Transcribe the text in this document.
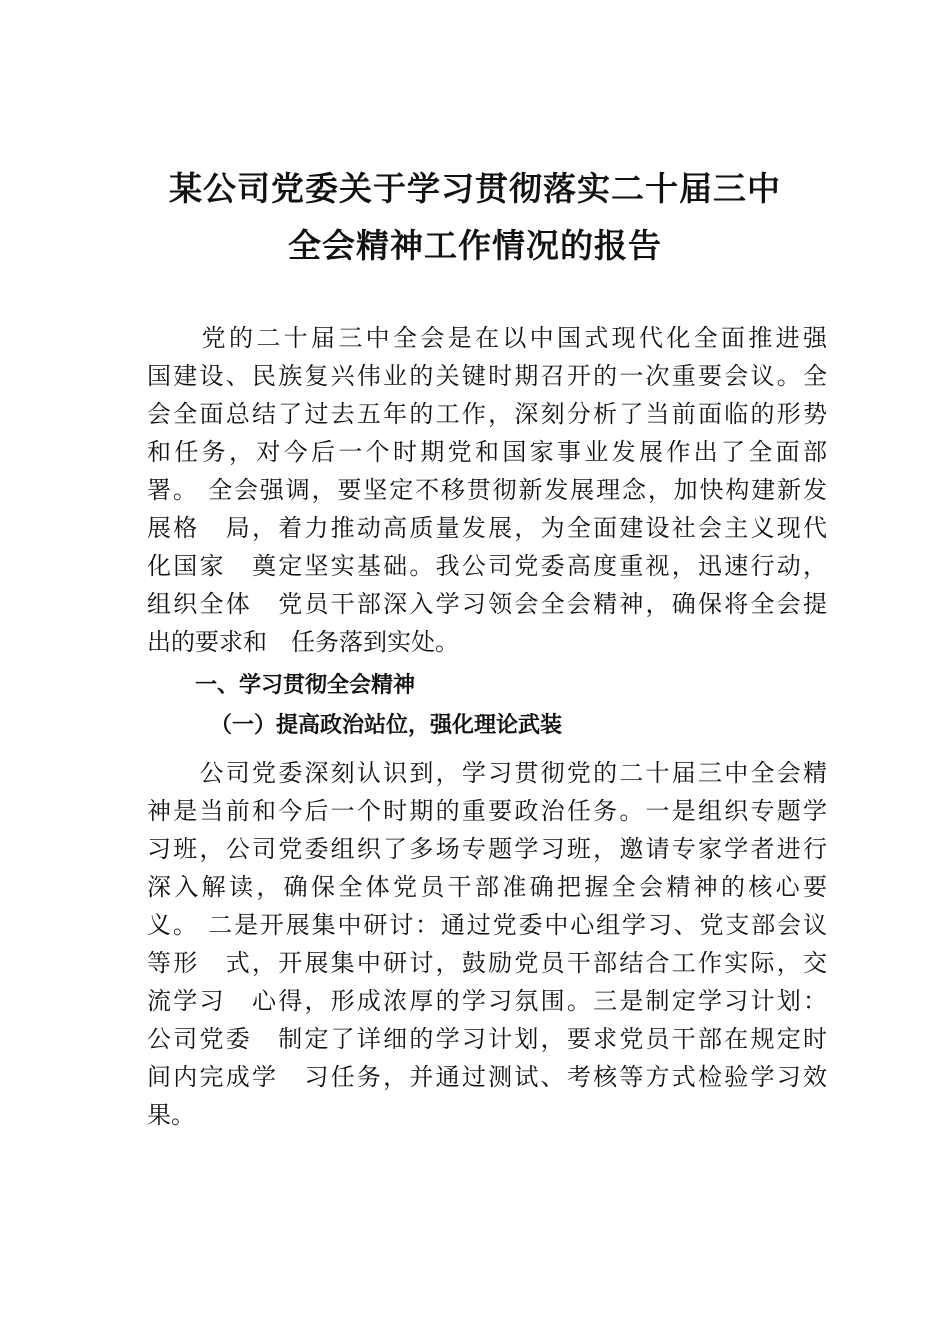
某公司党委关于学习贯彻落实二十届三中
全会精神工作情况的报告

　　党的二十届三中全会是在以中国式现代化全面推进强

国建设、民族复兴伟业的关键时期召开的一次重要会议。全

会全面总结了过去五年的工作，深刻分析了当前面临的形势

和任务，对今后一个时期党和国家事业发展作出了全面部

署。 全会强调，要坚定不移贯彻新发展理念，加快构建新发

展格　局，着力推动高质量发展，为全面建设社会主义现代

化国家　奠定坚实基础。我公司党委高度重视，迅速行动，

组织全体　党员干部深入学习领会全会精神，确保将全会提

出的要求和　任务落到实处。

一、学习贯彻全会精神
（一）提高政治站位，强化理论武装

　　公司党委深刻认识到，学习贯彻党的二十届三中全会精

神是当前和今后一个时期的重要政治任务。一是组织专题学

习班，公司党委组织了多场专题学习班，邀请专家学者进行

深入解读，确保全体党员干部准确把握全会精神的核心要

义。 二是开展集中研讨：通过党委中心组学习、党支部会议

等形　式，开展集中研讨，鼓励党员干部结合工作实际，交

流学习　心得，形成浓厚的学习氛围。三是制定学习计划：

公司党委　制定了详细的学习计划，要求党员干部在规定时

间内完成学　习任务，并通过测试、考核等方式检验学习效

果。
